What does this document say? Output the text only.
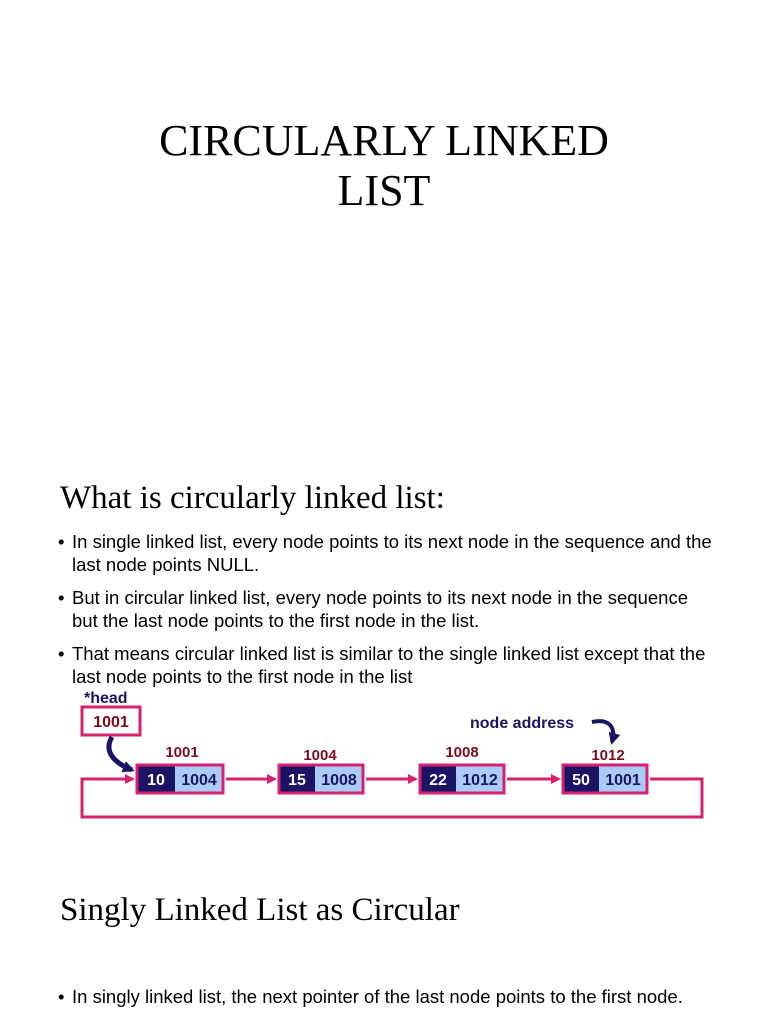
CIRCULARLY LINKED
LIST
What is circularly linked list:
• In single linked list, every node points to its next node in the sequence and the last node points NULL.
• But in circular linked list, every node points to its next node in the sequence but the last node points to the first node in the list.
• That means circular linked list is similar to the single linked list except that the last node points to the first node in the list
*head
1001	node address
1001
10 1004
1004
15 1008
1008
22 1012
1012
50 1001
Singly Linked List as Circular
• In singly linked list, the next pointer of the last node points to the first node.
